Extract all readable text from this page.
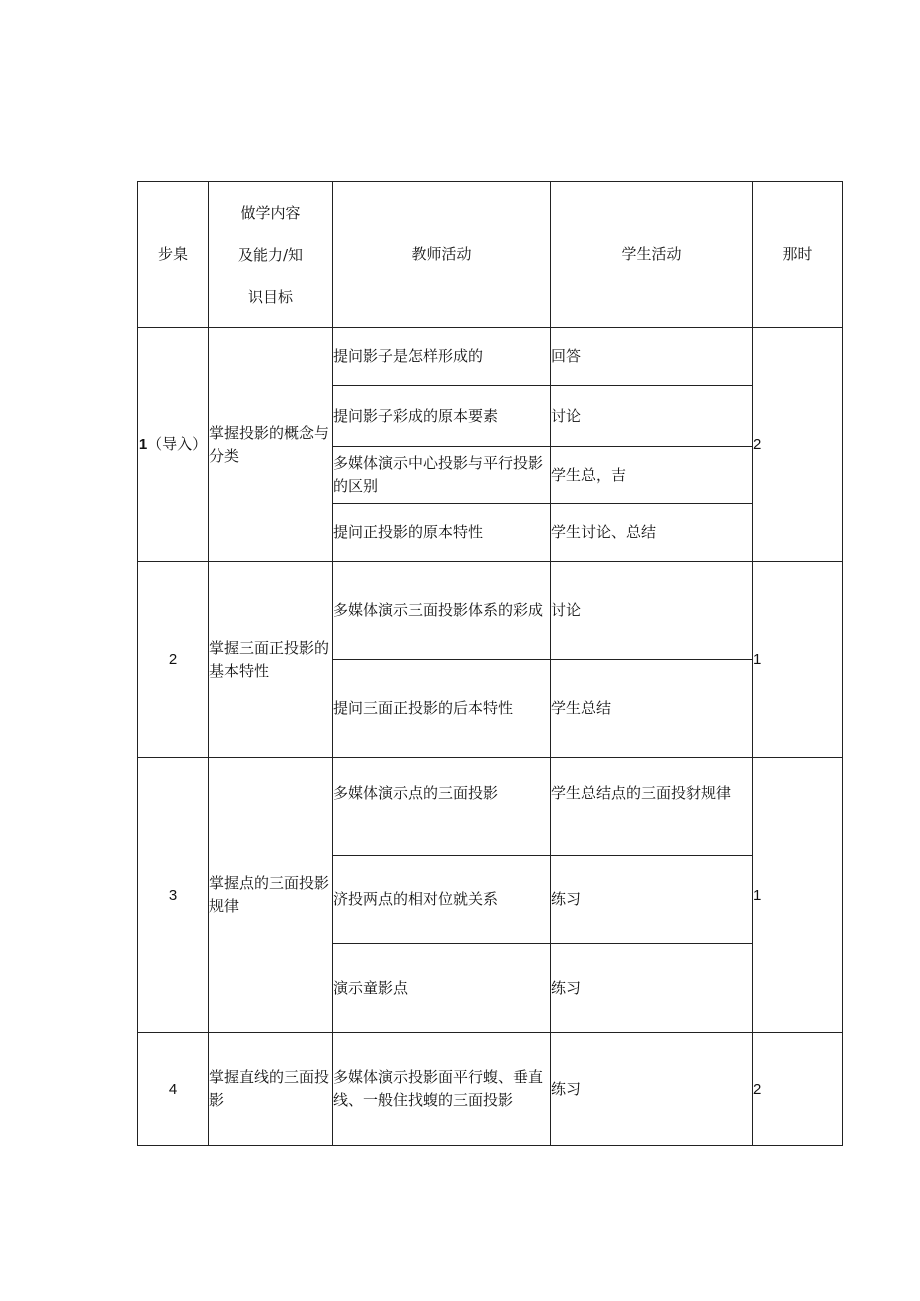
步臬	做学内容
及能力/知
识目标	教师活动	学生活动	那时
1（导入）	掌握投影的概念与分类	提问影子是怎样形成的	回答	2
		提问影子彩成的原本要素	讨论	
		多媒体演示中心投影与平行投影的区别	学生总，吉	
		提问正投影的原本特性	学生讨论、总结	
2	掌握三面正投影的基本特性	多媒体演示三面投影体系的彩成	讨论	1
		提问三面正投影的后本特性	学生总结	
3	掌握点的三面投影规律	多媒体演示点的三面投影	学生总结点的三面投豺规律	1
		济投两点的相对位就关系	练习	
		演示童影点	练习	
4	掌握直线的三面投影	多媒体演示投影面平行蝮、垂直线、一般住找蝮的三面投影	练习	2
